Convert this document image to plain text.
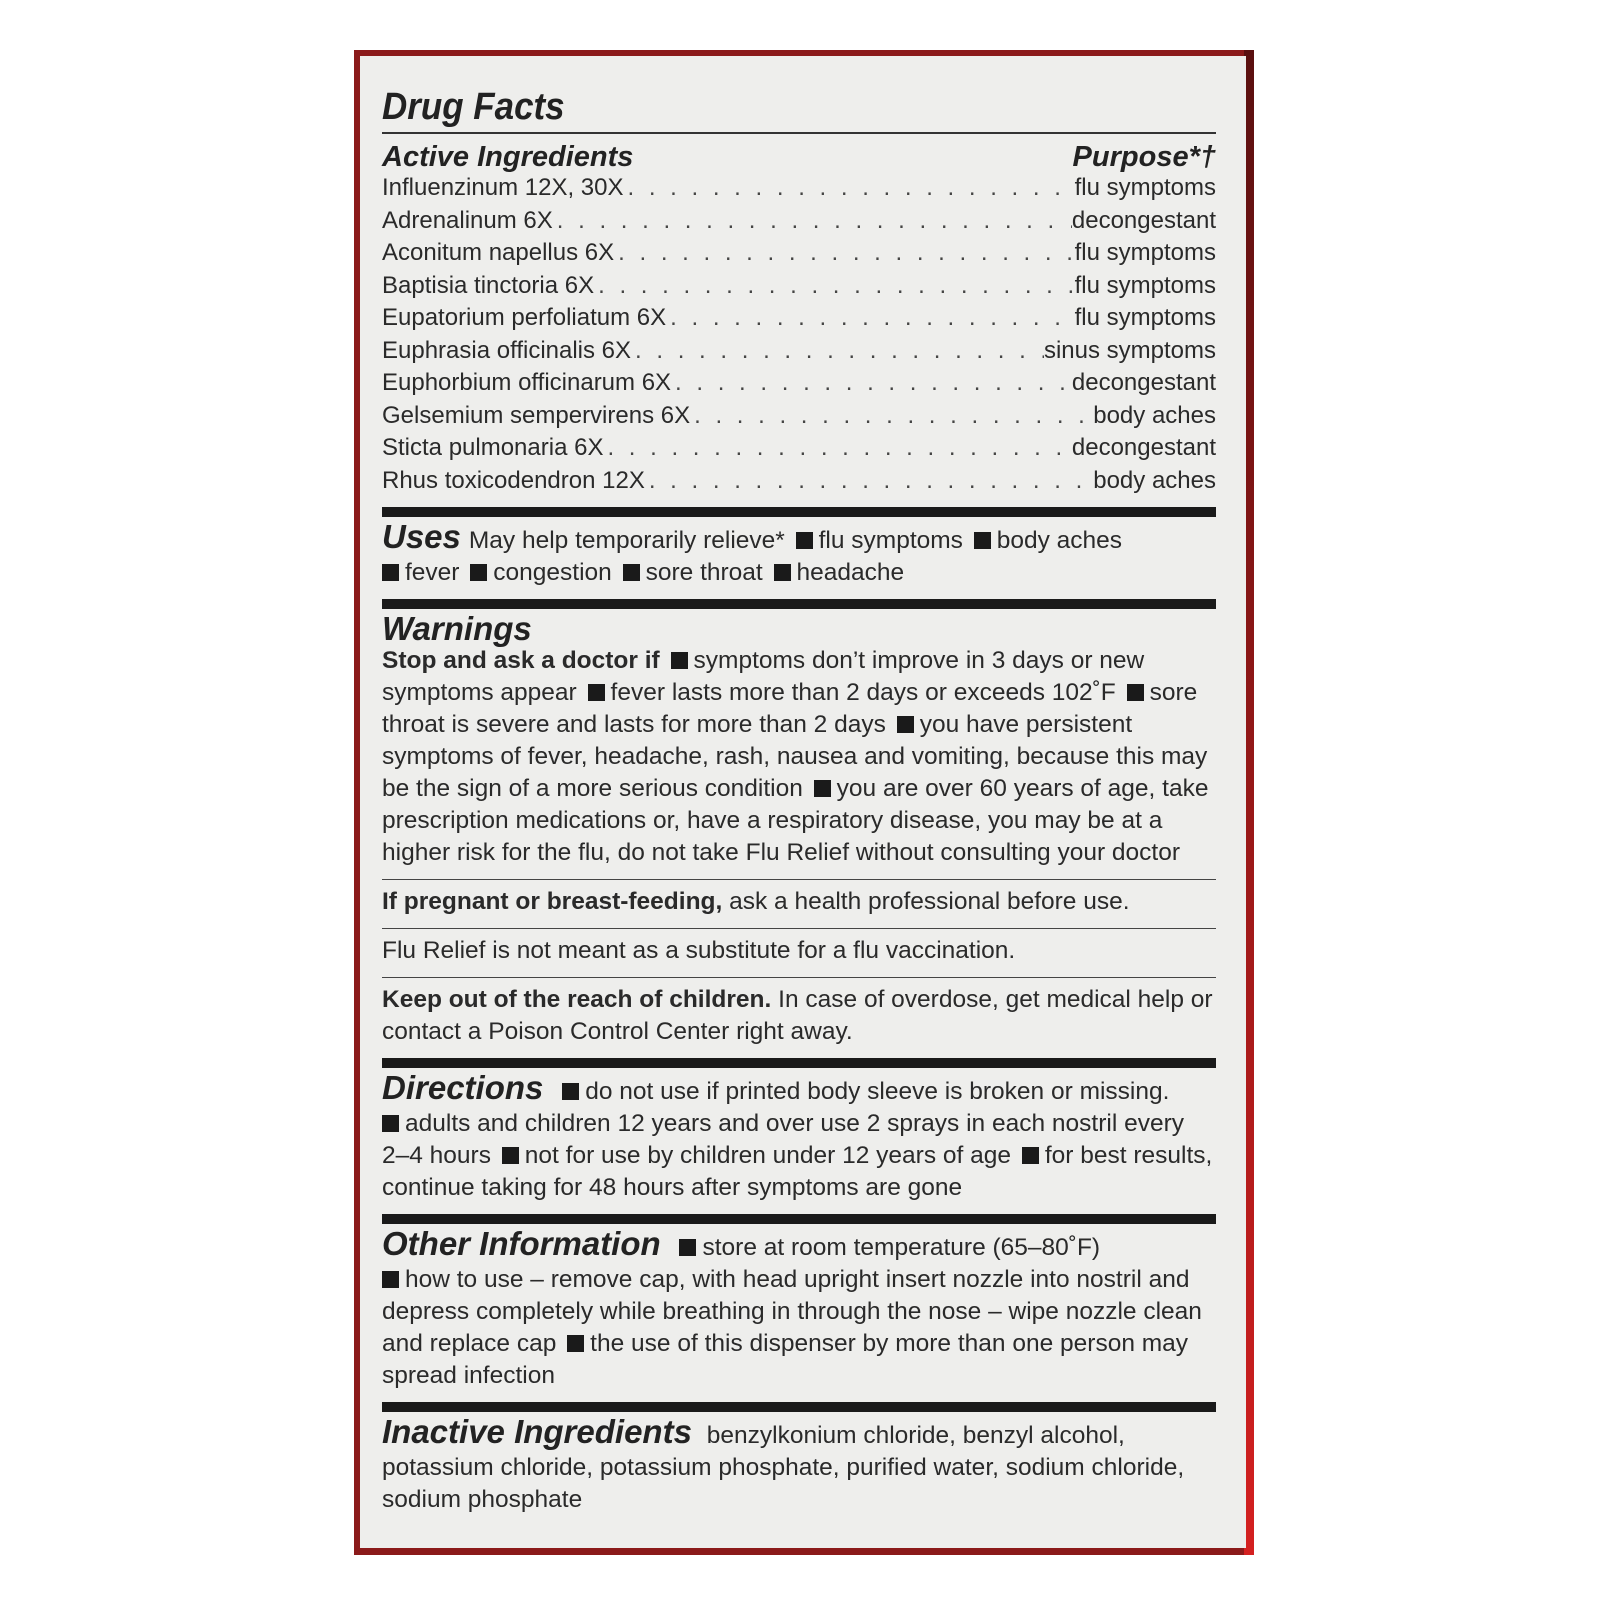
Drug Facts
Active Ingredients	Purpose*†
Influenzinum 12X, 30X . . .	flu symptoms
Adrenalinum 6X . . .	decongestant
Aconitum napellus 6X . . .	flu symptoms
Baptisia tinctoria 6X . . .	flu symptoms
Eupatorium perfoliatum 6X . . .	flu symptoms
Euphrasia officinalis 6X . . .	sinus symptoms
Euphorbium officinarum 6X . . .	decongestant
Gelsemium sempervirens 6X . . .	body aches
Sticta pulmonaria 6X . . .	decongestant
Rhus toxicodendron 12X . . .	body aches
Uses May help temporarily relieve* flu symptoms body aches
fever congestion sore throat headache
Warnings
Stop and ask a doctor if symptoms don’t improve in 3 days or new symptoms appear fever lasts more than 2 days or exceeds 102˚F sore throat is severe and lasts for more than 2 days you have persistent symptoms of fever, headache, rash, nausea and vomiting, because this may be the sign of a more serious condition you are over 60 years of age, take prescription medications or, have a respiratory disease, you may be at a higher risk for the flu, do not take Flu Relief without consulting your doctor
If pregnant or breast-feeding, ask a health professional before use.
Flu Relief is not meant as a substitute for a flu vaccination.
Keep out of the reach of children. In case of overdose, get medical help or contact a Poison Control Center right away.
Directions do not use if printed body sleeve is broken or missing.
adults and children 12 years and over use 2 sprays in each nostril every 2–4 hours not for use by children under 12 years of age for best results, continue taking for 48 hours after symptoms are gone
Other Information store at room temperature (65–80˚F)
how to use – remove cap, with head upright insert nozzle into nostril and depress completely while breathing in through the nose – wipe nozzle clean and replace cap the use of this dispenser by more than one person may spread infection
Inactive Ingredients benzylkonium chloride, benzyl alcohol, potassium chloride, potassium phosphate, purified water, sodium chloride, sodium phosphate
